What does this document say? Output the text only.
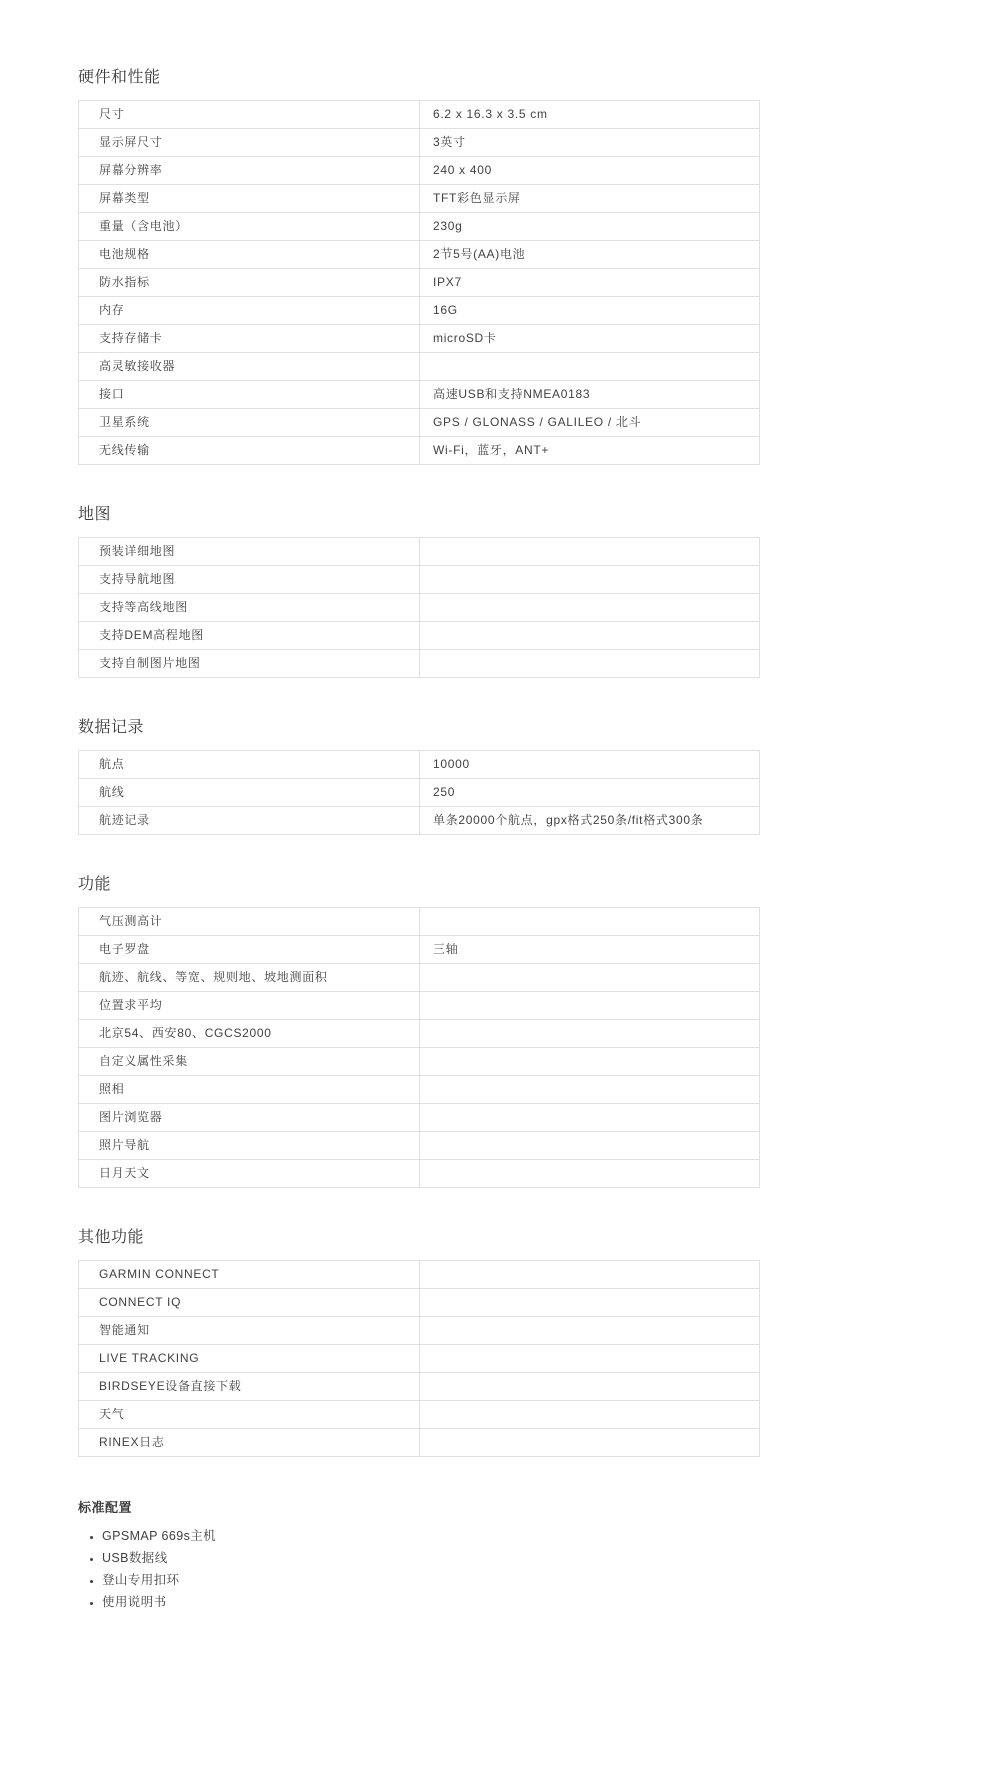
硬件和性能
尺寸	6.2 x 16.3 x 3.5 cm
显示屏尺寸	3英寸
屏幕分辨率	240 x 400
屏幕类型	TFT彩色显示屏
重量（含电池）	230g
电池规格	2节5号(AA)电池
防水指标	IPX7
内存	16G
支持存储卡	microSD卡
高灵敏接收器
接口	高速USB和支持NMEA0183
卫星系统	GPS / GLONASS / GALILEO / 北斗
无线传输	Wi-Fi，蓝牙，ANT+
地图
预装详细地图
支持导航地图
支持等高线地图
支持DEM高程地图
支持自制图片地图
数据记录
航点	10000
航线	250
航迹记录	单条20000个航点，gpx格式250条/fit格式300条
功能
气压测高计
电子罗盘	三轴
航迹、航线、等宽、规则地、坡地测面积
位置求平均
北京54、西安80、CGCS2000
自定义属性采集
照相
图片浏览器
照片导航
日月天文
其他功能
GARMIN CONNECT
CONNECT IQ
智能通知
LIVE TRACKING
BIRDSEYE设备直接下载
天气
RINEX日志
标准配置
• GPSMAP 669s主机
• USB数据线
• 登山专用扣环
• 使用说明书
